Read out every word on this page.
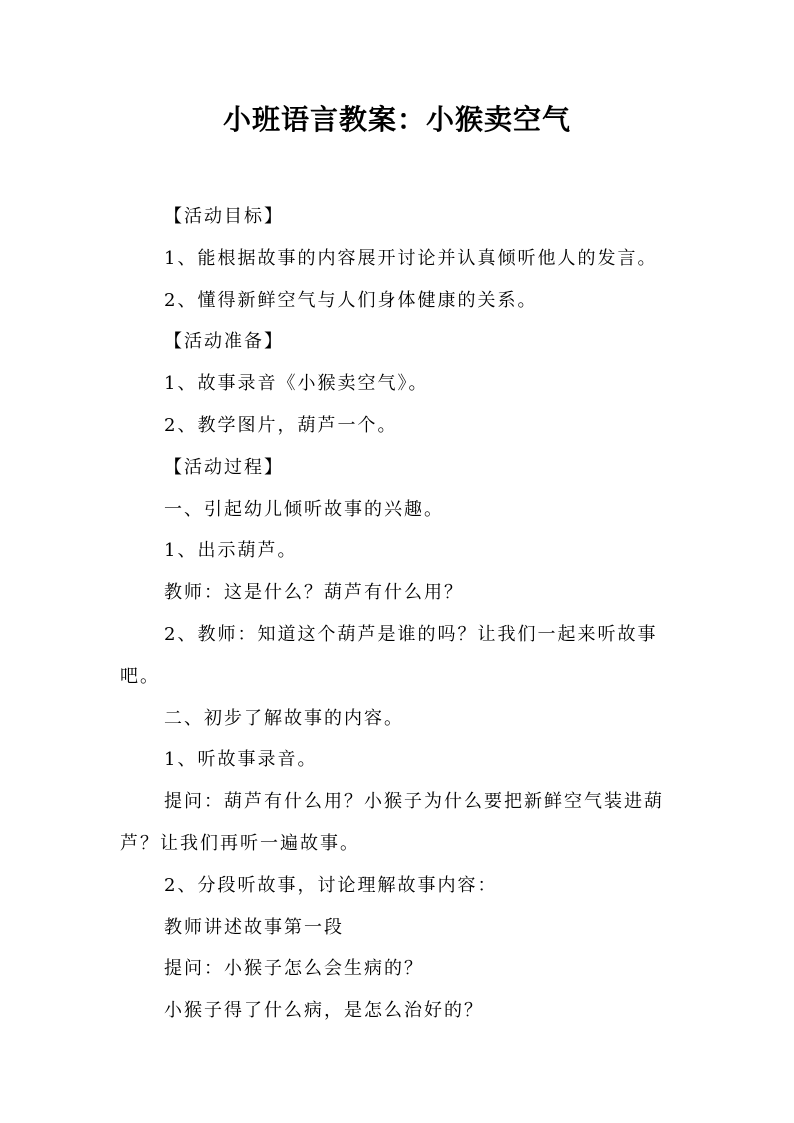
小班语言教案：小猴卖空气

【活动目标】

1、能根据故事的内容展开讨论并认真倾听他人的发言。

2、懂得新鲜空气与人们身体健康的关系。

【活动准备】

1、故事录音《小猴卖空气》。

2、教学图片，葫芦一个。

【活动过程】

一、引起幼儿倾听故事的兴趣。

1、出示葫芦。

教师：这是什么？葫芦有什么用？

2、教师：知道这个葫芦是谁的吗？让我们一起来听故事吧。

二、初步了解故事的内容。

1、听故事录音。

提问：葫芦有什么用？小猴子为什么要把新鲜空气装进葫芦？让我们再听一遍故事。

2、分段听故事，讨论理解故事内容：

教师讲述故事第一段

提问：小猴子怎么会生病的？

小猴子得了什么病，是怎么治好的？
